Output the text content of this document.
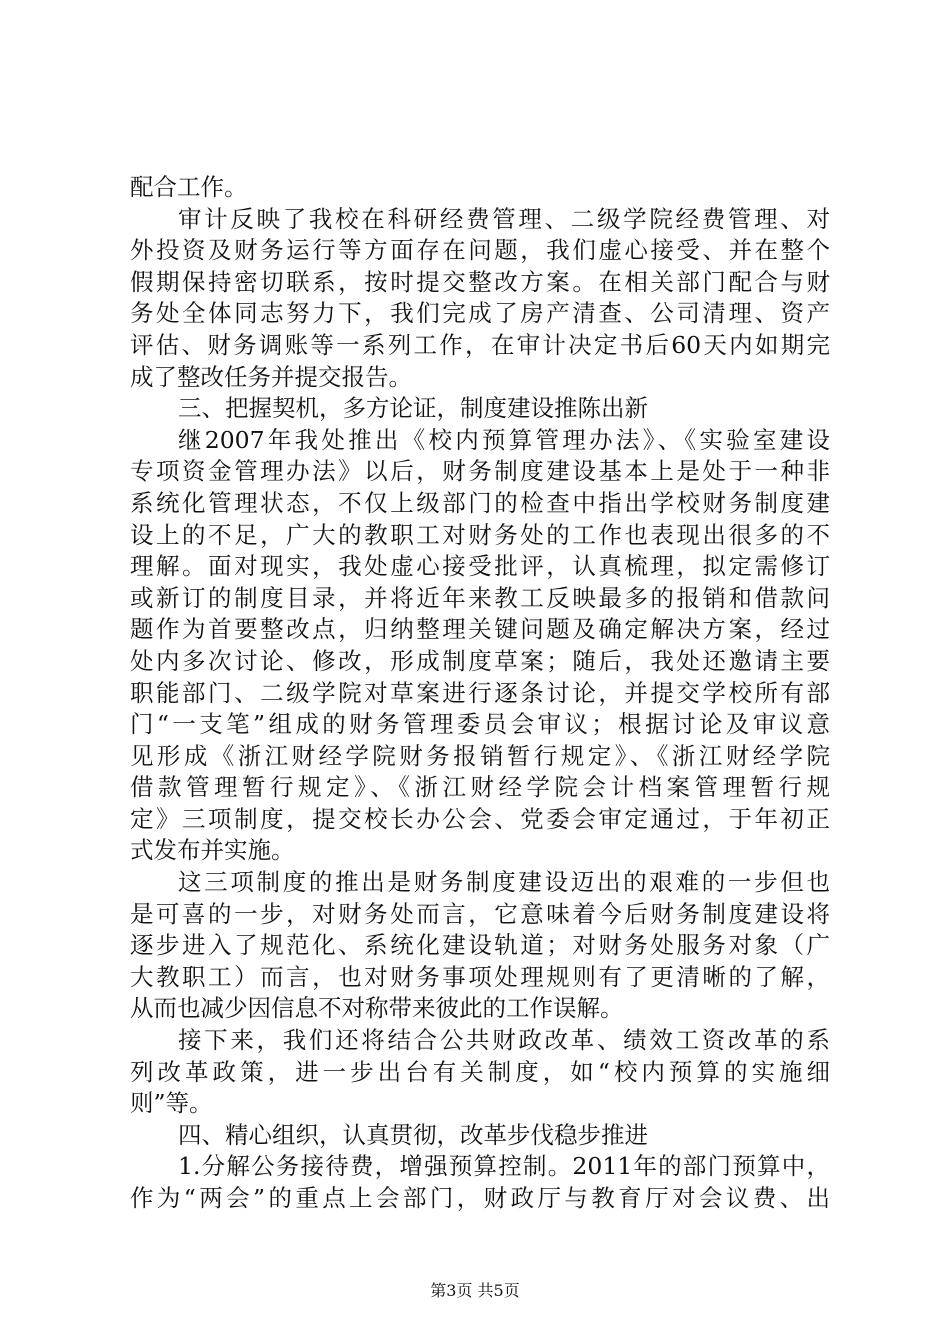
配合工作。
审计反映了我校在科研经费管理、二级学院经费管理、对
外投资及财务运行等方面存在问题，我们虚心接受、并在整个
假期保持密切联系，按时提交整改方案。在相关部门配合与财
务处全体同志努力下，我们完成了房产清查、公司清理、资产
评估、财务调账等一系列工作，在审计决定书后60天内如期完
成了整改任务并提交报告。
三、把握契机，多方论证，制度建设推陈出新
继2007年我处推出《校内预算管理办法》、《实验室建设
专项资金管理办法》以后，财务制度建设基本上是处于一种非
系统化管理状态，不仅上级部门的检查中指出学校财务制度建
设上的不足，广大的教职工对财务处的工作也表现出很多的不
理解。面对现实，我处虚心接受批评，认真梳理，拟定需修订
或新订的制度目录，并将近年来教工反映最多的报销和借款问
题作为首要整改点，归纳整理关键问题及确定解决方案，经过
处内多次讨论、修改，形成制度草案；随后，我处还邀请主要
职能部门、二级学院对草案进行逐条讨论，并提交学校所有部
门“一支笔”组成的财务管理委员会审议；根据讨论及审议意
见形成《浙江财经学院财务报销暂行规定》、《浙江财经学院
借款管理暂行规定》、《浙江财经学院会计档案管理暂行规
定》三项制度，提交校长办公会、党委会审定通过，于年初正
式发布并实施。
这三项制度的推出是财务制度建设迈出的艰难的一步但也
是可喜的一步，对财务处而言，它意味着今后财务制度建设将
逐步进入了规范化、系统化建设轨道；对财务处服务对象（广
大教职工）而言，也对财务事项处理规则有了更清晰的了解，
从而也减少因信息不对称带来彼此的工作误解。
接下来，我们还将结合公共财政改革、绩效工资改革的系
列改革政策，进一步出台有关制度，如“校内预算的实施细
则”等。
四、精心组织，认真贯彻，改革步伐稳步推进
1.分解公务接待费，增强预算控制。2011年的部门预算中，
作为“两会”的重点上会部门，财政厅与教育厅对会议费、出
第3页 共5页
